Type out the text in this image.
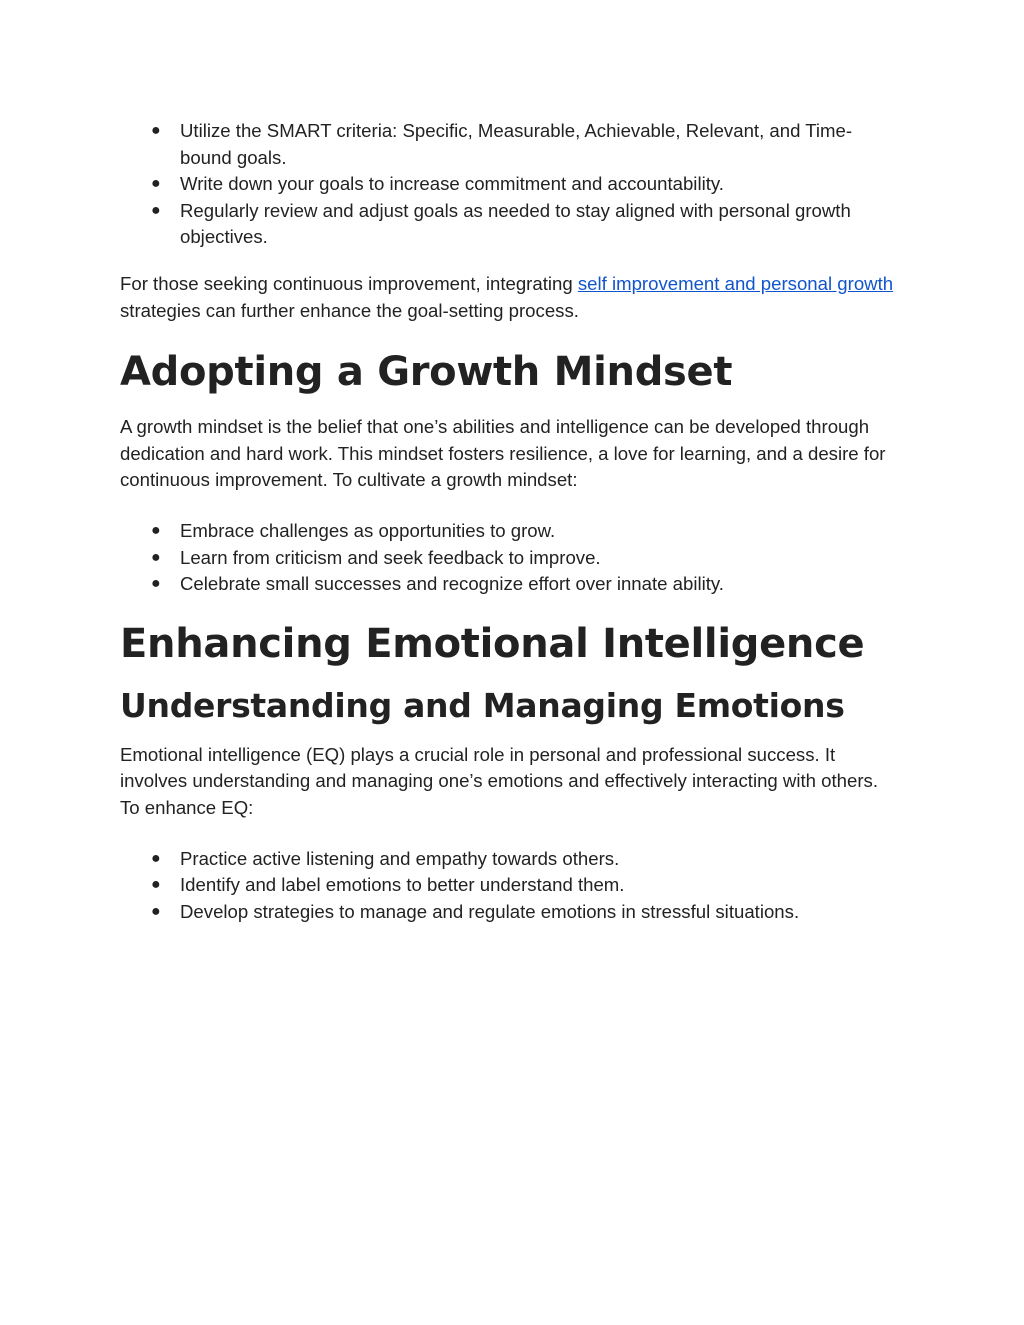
● Utilize the SMART criteria: Specific, Measurable, Achievable, Relevant, and Time-bound goals.
● Write down your goals to increase commitment and accountability.
● Regularly review and adjust goals as needed to stay aligned with personal growth objectives.

For those seeking continuous improvement, integrating self improvement and personal growth strategies can further enhance the goal-setting process.

Adopting a Growth Mindset

A growth mindset is the belief that one’s abilities and intelligence can be developed through dedication and hard work. This mindset fosters resilience, a love for learning, and a desire for continuous improvement. To cultivate a growth mindset:

● Embrace challenges as opportunities to grow.
● Learn from criticism and seek feedback to improve.
● Celebrate small successes and recognize effort over innate ability.
Enhancing Emotional Intelligence
Understanding and Managing Emotions

Emotional intelligence (EQ) plays a crucial role in personal and professional success. It involves understanding and managing one’s emotions and effectively interacting with others. To enhance EQ:

● Practice active listening and empathy towards others.
● Identify and label emotions to better understand them.
● Develop strategies to manage and regulate emotions in stressful situations.
